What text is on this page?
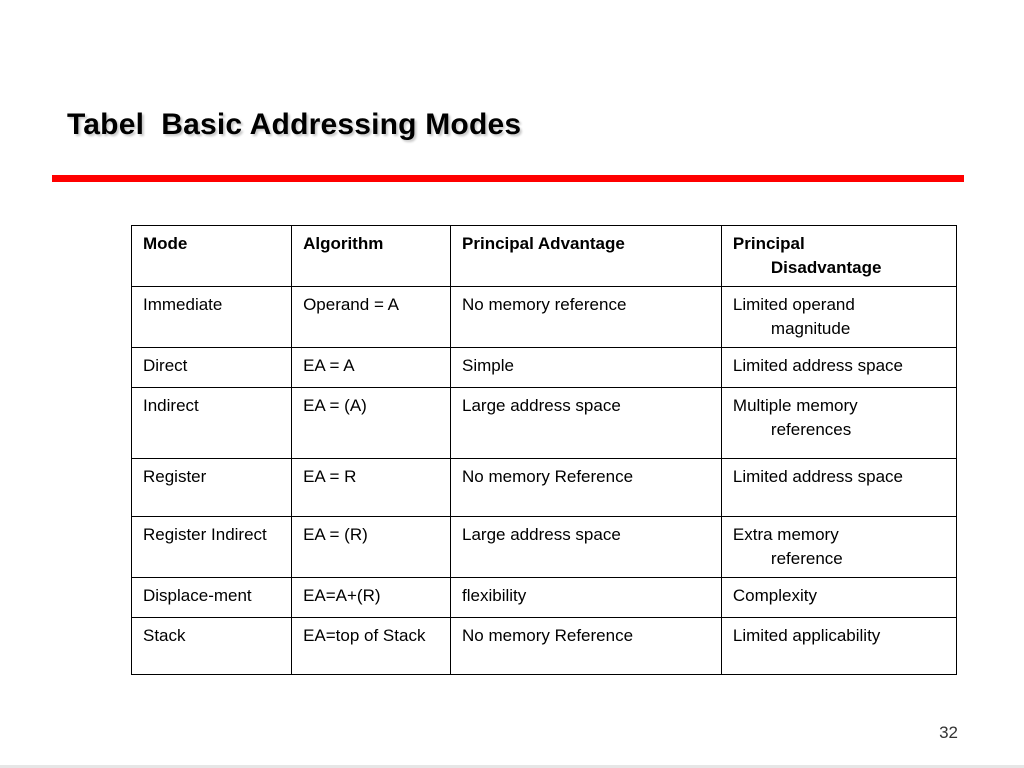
Tabel  Basic Addressing Modes
Mode	Algorithm	Principal Advantage	Principal

Disadvantage

Immediate	Operand = A	No memory reference	Limited operand
magnitude

Direct	EA = A	Simple	Limited address space
Indirect	EA = (A)	Large address space	Multiple memory
references

Register	EA = R	No memory Reference	Limited address space
Register Indirect	EA = (R)	Large address space	Extra memory
reference

Displace-ment	EA=A+(R)	flexibility	Complexity
Stack	EA=top of Stack	No memory Reference	Limited applicability
32
